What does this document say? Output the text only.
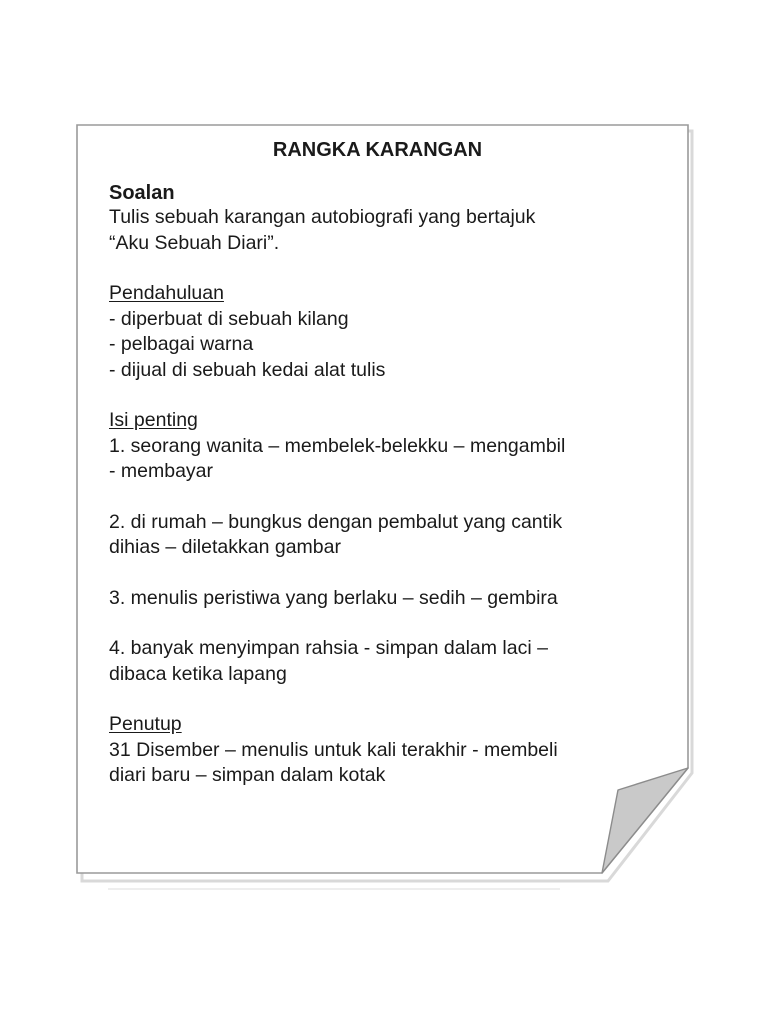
RANGKA KARANGAN
Soalan

Tulis sebuah karangan autobiografi yang bertajuk

“Aku Sebuah Diari”.

Pendahuluan

- diperbuat di sebuah kilang

- pelbagai warna

- dijual di sebuah kedai alat tulis

Isi penting

1. seorang wanita – membelek-belekku – mengambil

- membayar

2. di rumah – bungkus dengan pembalut yang cantik

dihias – diletakkan gambar

3. menulis peristiwa yang berlaku – sedih – gembira

4. banyak menyimpan rahsia - simpan dalam laci –

dibaca ketika lapang

Penutup

31 Disember – menulis untuk kali terakhir - membeli

diari baru – simpan dalam kotak
